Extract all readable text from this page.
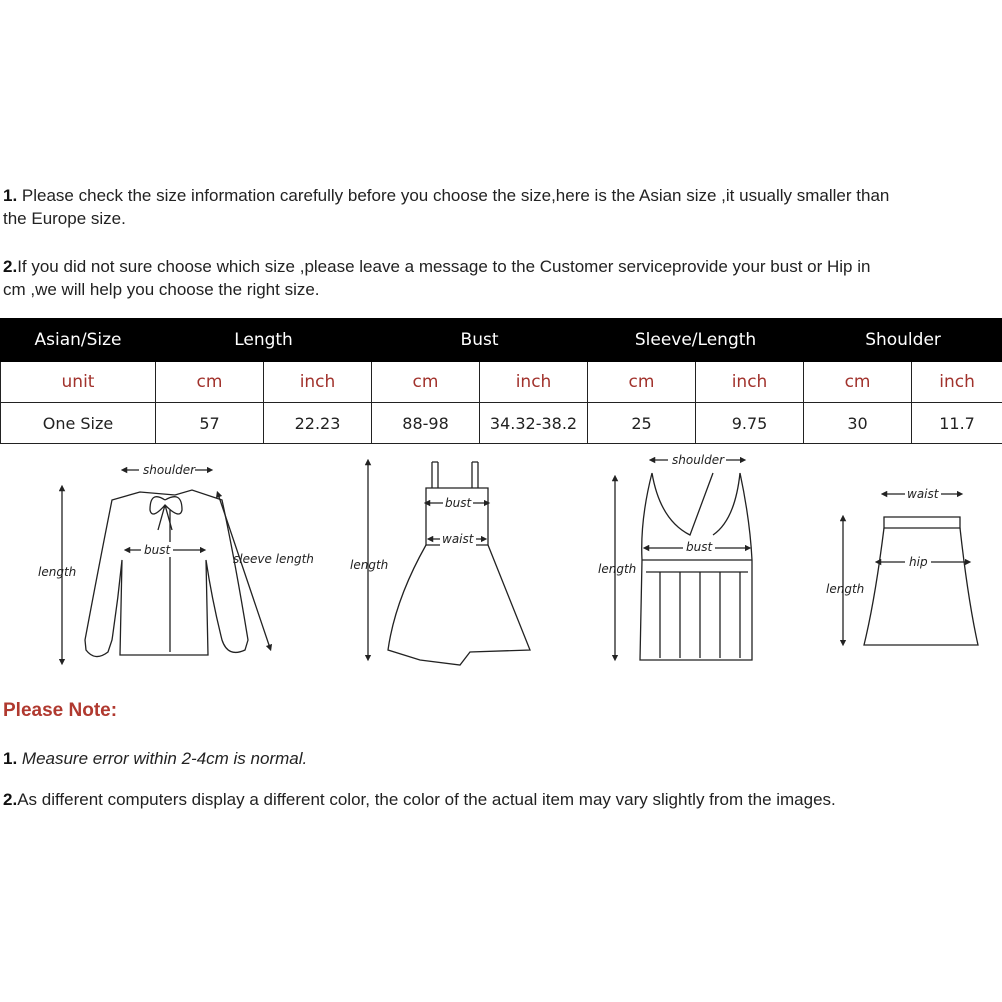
1. Please check the size information carefully before you choose the size,here is the Asian size ,it usually smaller than
the Europe size.
2.If you did not sure choose which size ,please leave a message to the Customer serviceprovide your bust or Hip in
cm ,we will help you choose the right size.
Asian/Size	Length		Bust		Sleeve/Length		Shoulder	
unit	cm	inch	cm	inch	cm	inch	cm	inch
One Size	57	22.23	88-98	34.32-38.2	25	9.75	30	11.7
shoulder
bust
sleeve length
length
bust
waist
length
shoulder
bust
length
waist
hip
length

Please Note:

1. Measure error within 2-4cm is normal.

2.As different computers display a different color, the color of the actual item may vary slightly from the images.
